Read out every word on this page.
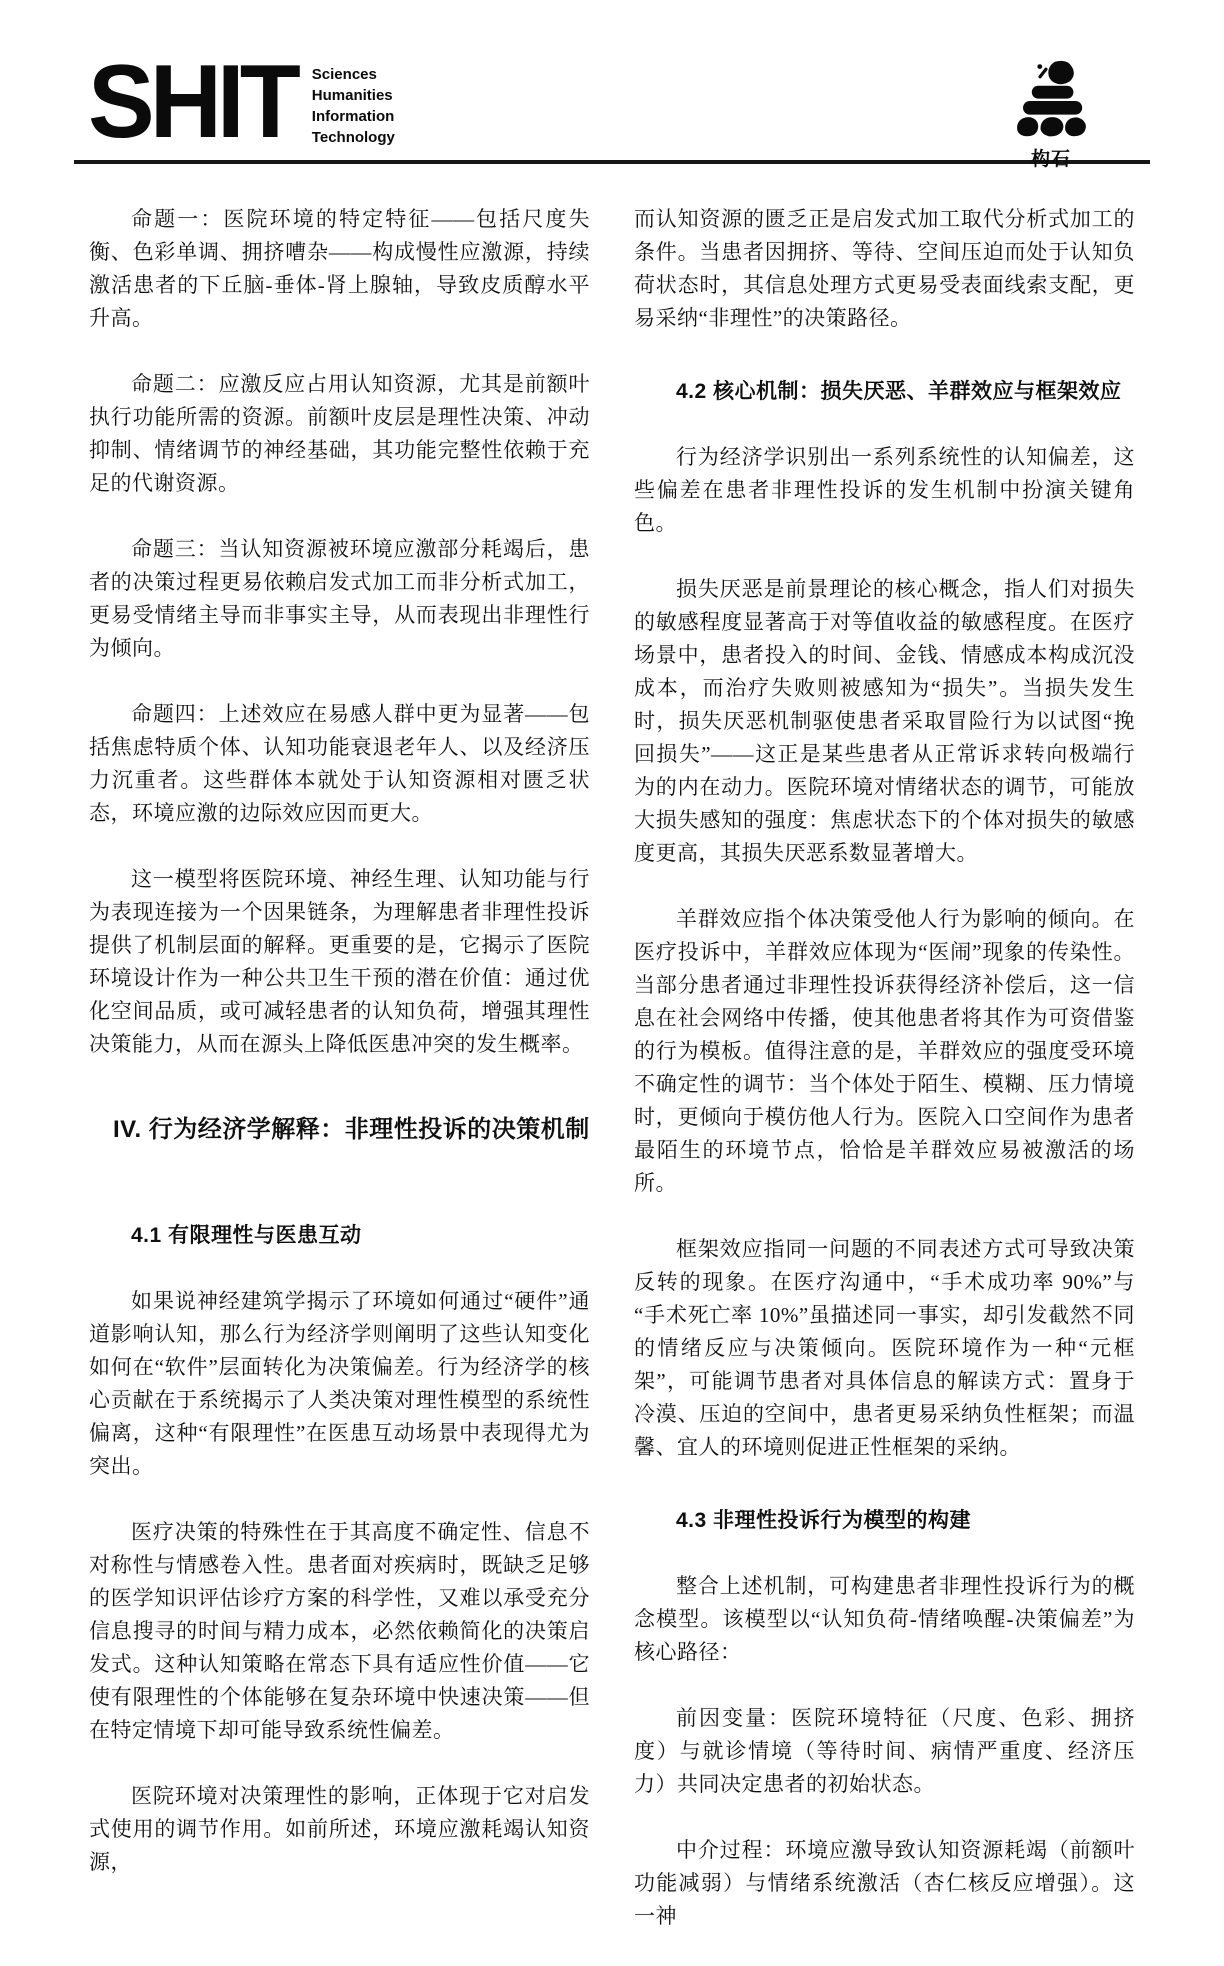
SHIT Sciences
Humanities
Information
Technology
构石

命题一：医院环境的特定特征——包括尺度失衡、色彩单调、拥挤嘈杂——构成慢性应激源，持续激活患者的下丘脑-垂体-肾上腺轴，导致皮质醇水平升高。

命题二：应激反应占用认知资源，尤其是前额叶执行功能所需的资源。前额叶皮层是理性决策、冲动抑制、情绪调节的神经基础，其功能完整性依赖于充足的代谢资源。

命题三：当认知资源被环境应激部分耗竭后，患者的决策过程更易依赖启发式加工而非分析式加工，更易受情绪主导而非事实主导，从而表现出非理性行为倾向。

命题四：上述效应在易感人群中更为显著——包括焦虑特质个体、认知功能衰退老年人、以及经济压力沉重者。这些群体本就处于认知资源相对匮乏状态，环境应激的边际效应因而更大。

这一模型将医院环境、神经生理、认知功能与行为表现连接为一个因果链条，为理解患者非理性投诉提供了机制层面的解释。更重要的是，它揭示了医院环境设计作为一种公共卫生干预的潜在价值：通过优化空间品质，或可减轻患者的认知负荷，增强其理性决策能力，从而在源头上降低医患冲突的发生概率。

IV. 行为经济学解释：非理性投诉的决策机制
4.1 有限理性与医患互动

如果说神经建筑学揭示了环境如何通过“硬件”通道影响认知，那么行为经济学则阐明了这些认知变化如何在“软件”层面转化为决策偏差。行为经济学的核心贡献在于系统揭示了人类决策对理性模型的系统性偏离，这种“有限理性”在医患互动场景中表现得尤为突出。

医疗决策的特殊性在于其高度不确定性、信息不对称性与情感卷入性。患者面对疾病时，既缺乏足够的医学知识评估诊疗方案的科学性，又难以承受充分信息搜寻的时间与精力成本，必然依赖简化的决策启发式。这种认知策略在常态下具有适应性价值——它使有限理性的个体能够在复杂环境中快速决策——但在特定情境下却可能导致系统性偏差。

医院环境对决策理性的影响，正体现于它对启发式使用的调节作用。如前所述，环境应激耗竭认知资源，

而认知资源的匮乏正是启发式加工取代分析式加工的条件。当患者因拥挤、等待、空间压迫而处于认知负荷状态时，其信息处理方式更易受表面线索支配，更易采纳“非理性”的决策路径。

4.2 核心机制：损失厌恶、羊群效应与框架效应

行为经济学识别出一系列系统性的认知偏差，这些偏差在患者非理性投诉的发生机制中扮演关键角色。

损失厌恶是前景理论的核心概念，指人们对损失的敏感程度显著高于对等值收益的敏感程度。在医疗场景中，患者投入的时间、金钱、情感成本构成沉没成本，而治疗失败则被感知为“损失”。当损失发生时，损失厌恶机制驱使患者采取冒险行为以试图“挽回损失”——这正是某些患者从正常诉求转向极端行为的内在动力。医院环境对情绪状态的调节，可能放大损失感知的强度：焦虑状态下的个体对损失的敏感度更高，其损失厌恶系数显著增大。

羊群效应指个体决策受他人行为影响的倾向。在医疗投诉中，羊群效应体现为“医闹”现象的传染性。当部分患者通过非理性投诉获得经济补偿后，这一信息在社会网络中传播，使其他患者将其作为可资借鉴的行为模板。值得注意的是，羊群效应的强度受环境不确定性的调节：当个体处于陌生、模糊、压力情境时，更倾向于模仿他人行为。医院入口空间作为患者最陌生的环境节点，恰恰是羊群效应易被激活的场所。

框架效应指同一问题的不同表述方式可导致决策反转的现象。在医疗沟通中，“手术成功率 90%”与“手术死亡率 10%”虽描述同一事实，却引发截然不同的情绪反应与决策倾向。医院环境作为一种“元框架”，可能调节患者对具体信息的解读方式：置身于冷漠、压迫的空间中，患者更易采纳负性框架；而温馨、宜人的环境则促进正性框架的采纳。

4.3 非理性投诉行为模型的构建

整合上述机制，可构建患者非理性投诉行为的概念模型。该模型以“认知负荷-情绪唤醒-决策偏差”为核心路径：

前因变量：医院环境特征（尺度、色彩、拥挤度）与就诊情境（等待时间、病情严重度、经济压力）共同决定患者的初始状态。

中介过程：环境应激导致认知资源耗竭（前额叶功能减弱）与情绪系统激活（杏仁核反应增强）。这一神
